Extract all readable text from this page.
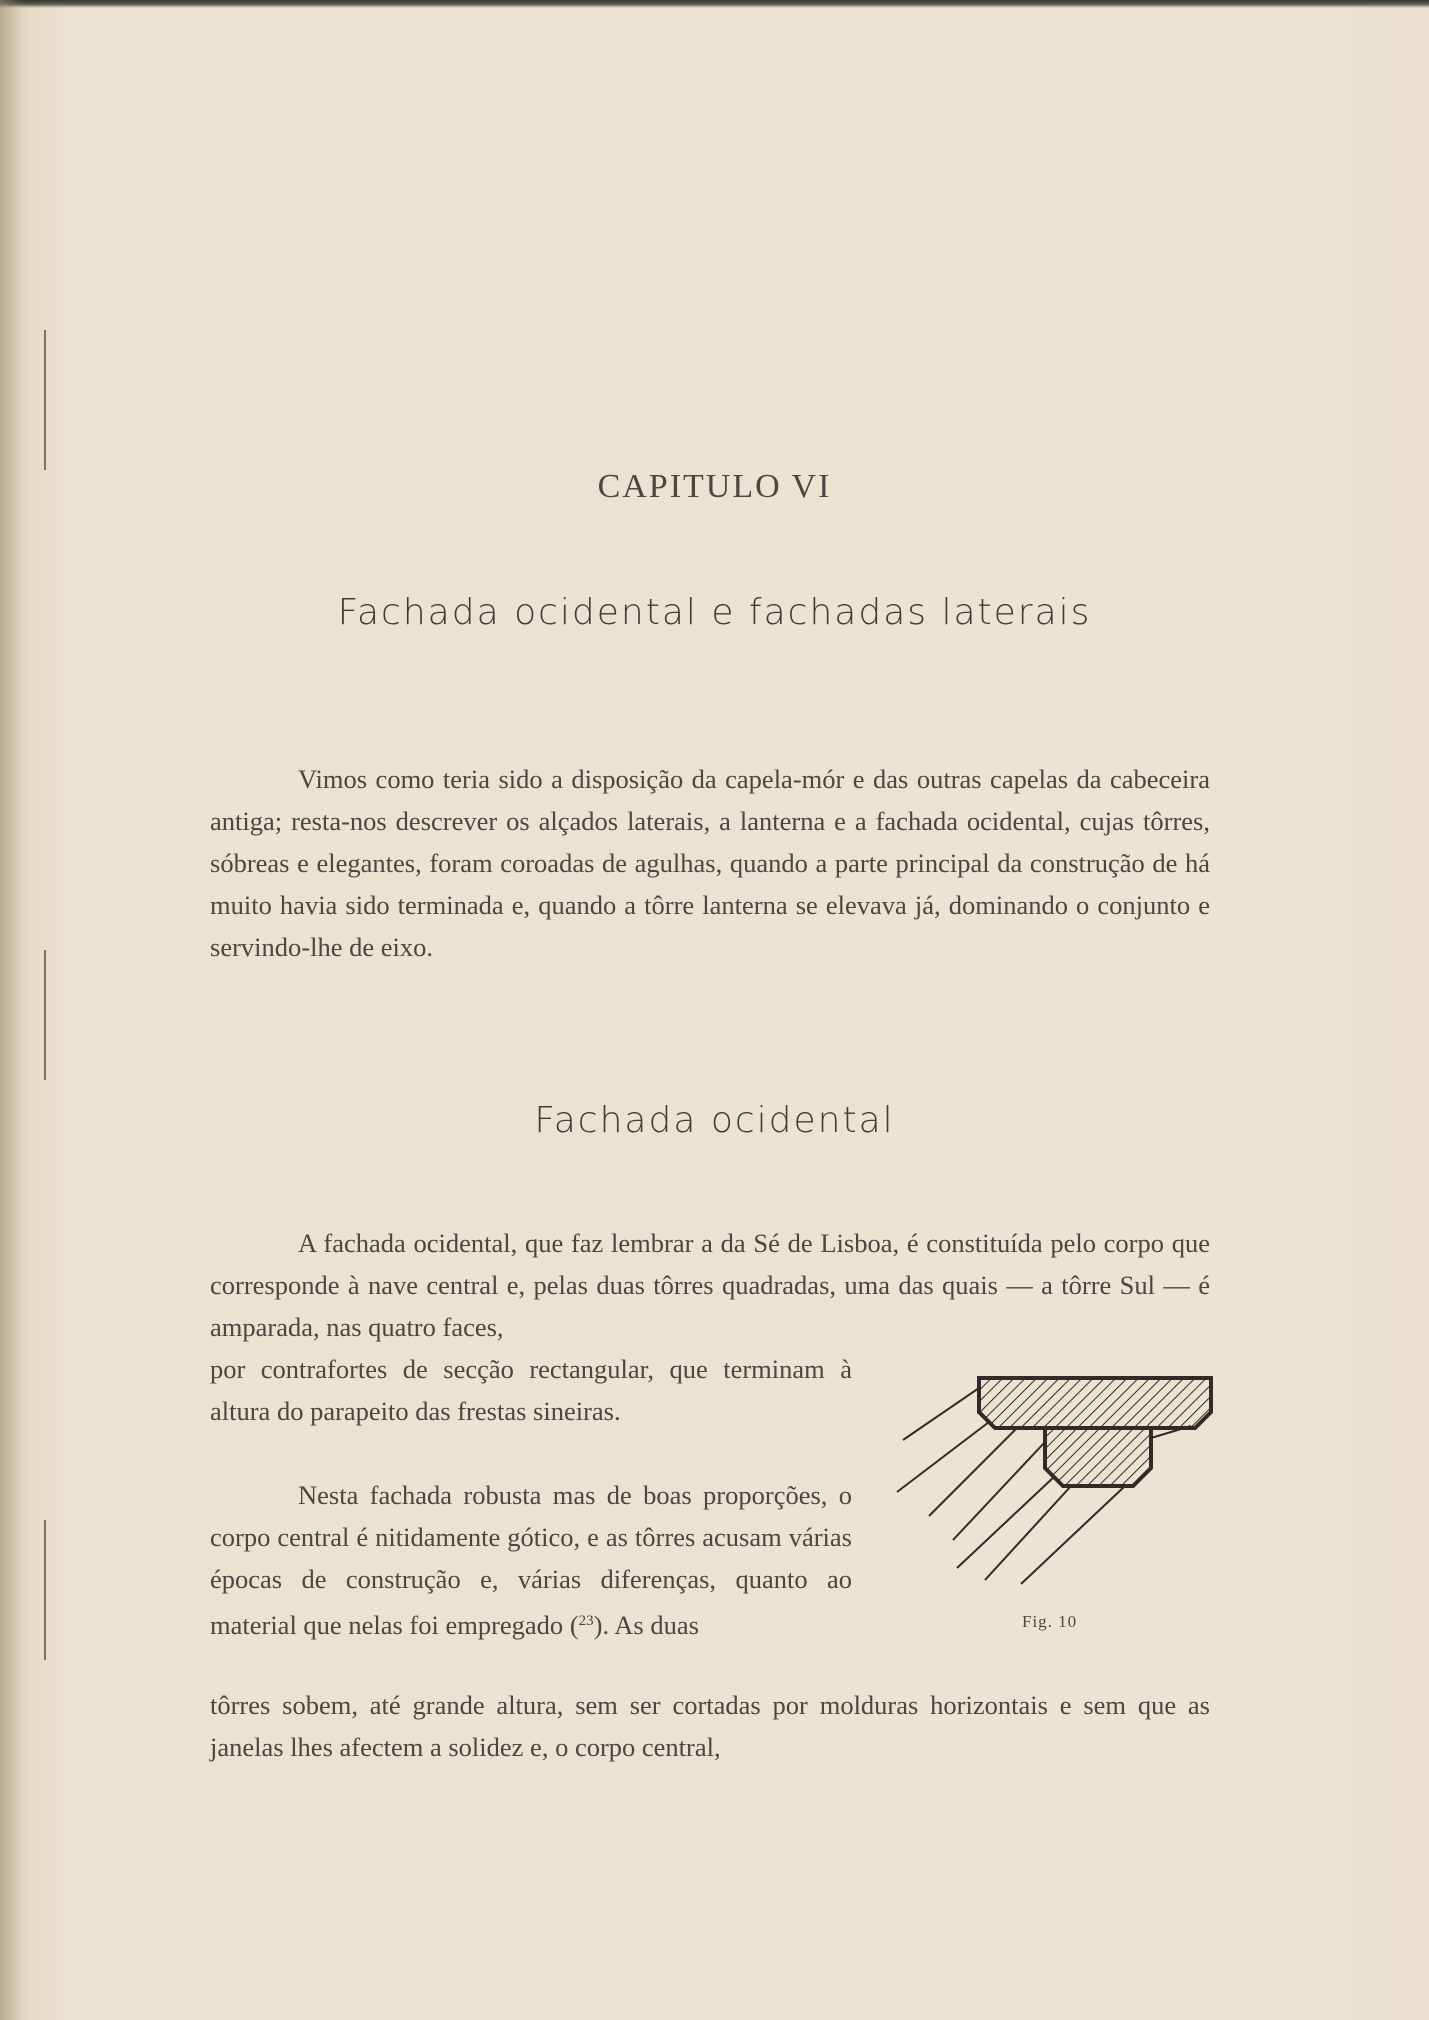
CAPITULO VI
Fachada ocidental e fachadas laterais

Vimos como teria sido a disposição da capela-mór e das outras capelas da cabeceira antiga; resta-nos descrever os alçados laterais, a lanterna e a fachada ocidental, cujas tôrres, sóbreas e elegantes, foram coroadas de agulhas, quando a parte principal da construção de há muito havia sido terminada e, quando a tôrre lanterna se elevava já, dominando o conjunto e servindo-lhe de eixo.

Fachada ocidental

A fachada ocidental, que faz lembrar a da Sé de Lisboa, é constituída pelo corpo que corresponde à nave central e, pelas duas tôrres quadradas, uma das quais — a tôrre Sul — é amparada, nas quatro faces,

por contrafortes de secção rectangular, que terminam à altura do parapeito das frestas sineiras.

Nesta fachada robusta mas de boas proporções, o corpo central é nitidamente gótico, e as tôrres acusam várias épocas de construção e, várias diferenças, quanto ao material que nelas foi empregado ($^{23}$). As duas

tôrres sobem, até grande altura, sem ser cortadas por molduras horizontais e sem que as janelas lhes afectem a solidez e, o corpo central,

Fig. 10
